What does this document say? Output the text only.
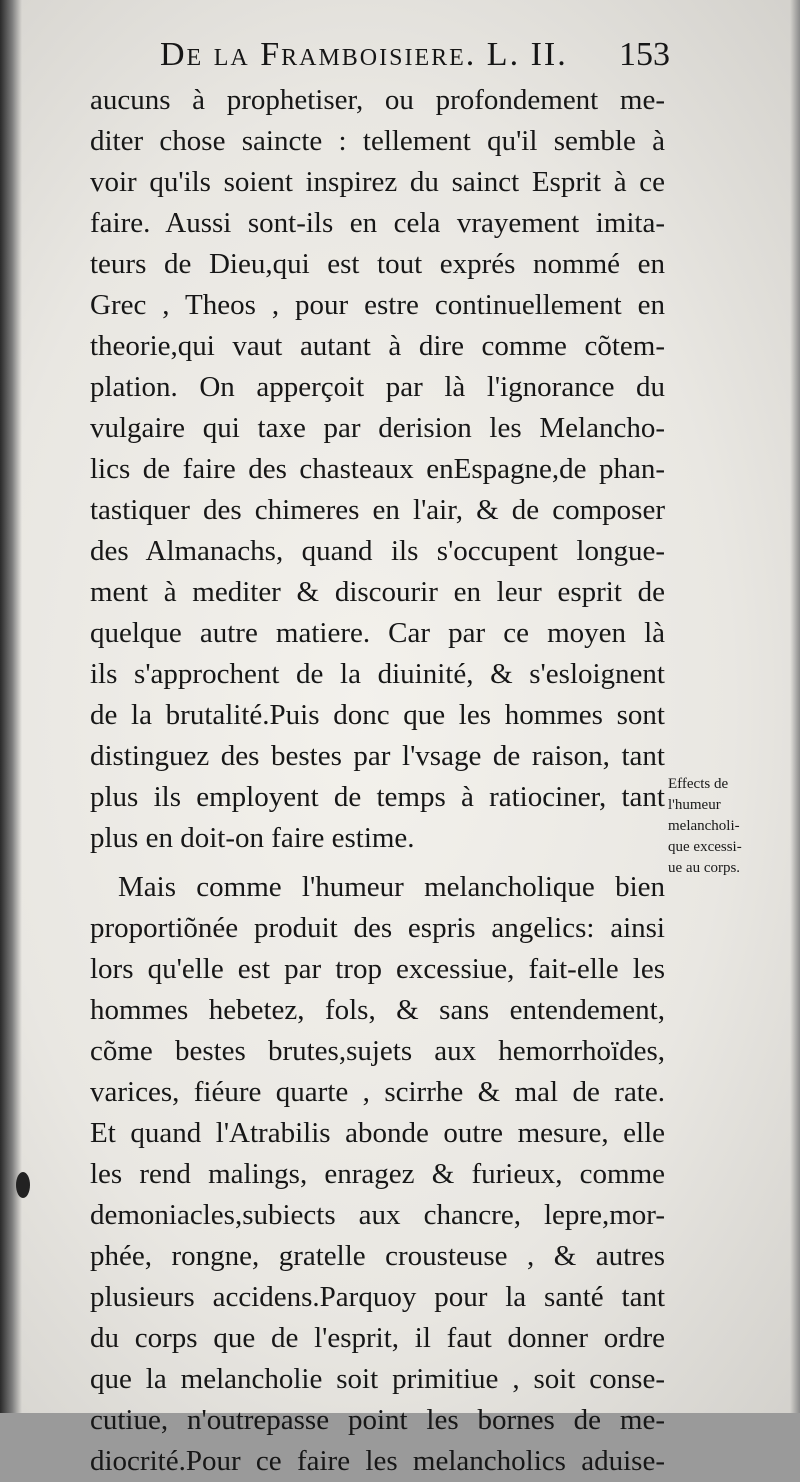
De la Framboisiere. L. II. 153
aucuns à prophetiser, ou profondement me-
diter chose saincte : tellement qu'il semble à
voir qu'ils soient inspirez du sainct Esprit à ce
faire. Aussi sont-ils en cela vrayement imita-
teurs de Dieu,qui est tout exprés nommé en
Grec , Theos , pour estre continuellement en
theorie,qui vaut autant à dire comme cõtem-
plation. On apperçoit par là l'ignorance du
vulgaire qui taxe par derision les Melancho-
lics de faire des chasteaux enEspagne,de phan-
tastiquer des chimeres en l'air, & de composer
des Almanachs, quand ils s'occupent longue-
ment à mediter & discourir en leur esprit de
quelque autre matiere. Car par ce moyen là
ils s'approchent de la diuinité, & s'esloignent
de la brutalité.Puis donc que les hommes sont
distinguez des bestes par l'vsage de raison, tant
plus ils employent de temps à ratiociner, tant
plus en doit-on faire estime.
Mais comme l'humeur melancholique bien
proportiõnée produit des espris angelics: ainsi
lors qu'elle est par trop excessiue, fait-elle les
hommes hebetez, fols, & sans entendement,
cõme bestes brutes,sujets aux hemorrhoïdes,
varices, fiéure quarte , scirrhe & mal de rate.
Et quand l'Atrabilis abonde outre mesure, elle
les rend malings, enragez & furieux, comme
demoniacles,subiects aux chancre, lepre,mor-
phée, rongne, gratelle crousteuse , & autres
plusieurs accidens.Parquoy pour la santé tant
du corps que de l'esprit, il faut donner ordre
que la melancholie soit primitiue , soit conse-
cutiue, n'outrepasse point les bornes de me-
diocrité.Pour ce faire les melancholics aduise-
Effects de
l'humeur
melancholi-
que excessi-
ue au corps.
